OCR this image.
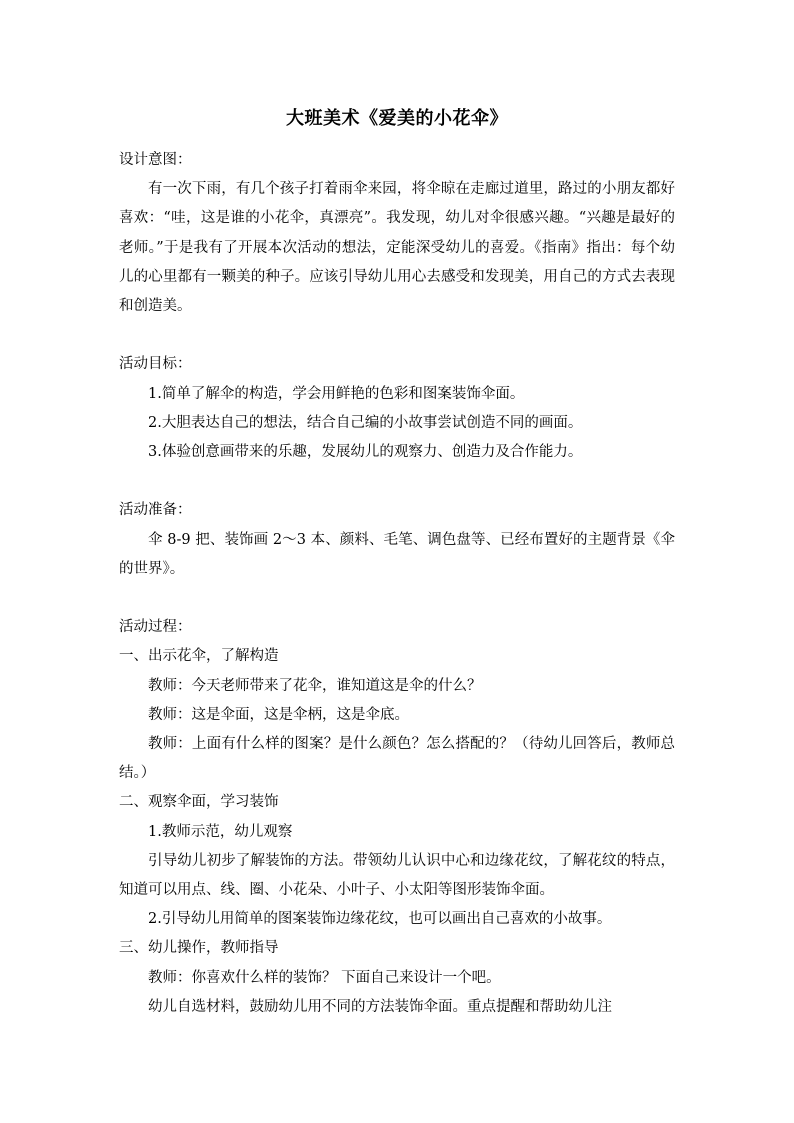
大班美术《爱美的小花伞》

设计意图：

有一次下雨，有几个孩子打着雨伞来园，将伞晾在走廊过道里，路过的小朋友都好喜欢：“哇，这是谁的小花伞，真漂亮”。我发现，幼儿对伞很感兴趣。“兴趣是最好的老师。”于是我有了开展本次活动的想法，定能深受幼儿的喜爱。《指南》指出：每个幼儿的心里都有一颗美的种子。应该引导幼儿用心去感受和发现美，用自己的方式去表现和创造美。

活动目标：

1.简单了解伞的构造，学会用鲜艳的色彩和图案装饰伞面。

2.大胆表达自己的想法，结合自己编的小故事尝试创造不同的画面。

3.体验创意画带来的乐趣，发展幼儿的观察力、创造力及合作能力。

活动准备：

伞 8-9 把、装饰画 2～3 本、颜料、毛笔、调色盘等、已经布置好的主题背景《伞的世界》。

活动过程：

一、出示花伞，了解构造

教师：今天老师带来了花伞，谁知道这是伞的什么？

教师：这是伞面，这是伞柄，这是伞底。

教师：上面有什么样的图案？是什么颜色？怎么搭配的？（待幼儿回答后，教师总结。）

二、观察伞面，学习装饰

1.教师示范，幼儿观察

引导幼儿初步了解装饰的方法。带领幼儿认识中心和边缘花纹，了解花纹的特点，知道可以用点、线、圈、小花朵、小叶子、小太阳等图形装饰伞面。

2.引导幼儿用简单的图案装饰边缘花纹，也可以画出自己喜欢的小故事。

三、幼儿操作，教师指导

教师：你喜欢什么样的装饰？ 下面自己来设计一个吧。

幼儿自选材料，鼓励幼儿用不同的方法装饰伞面。重点提醒和帮助幼儿注
